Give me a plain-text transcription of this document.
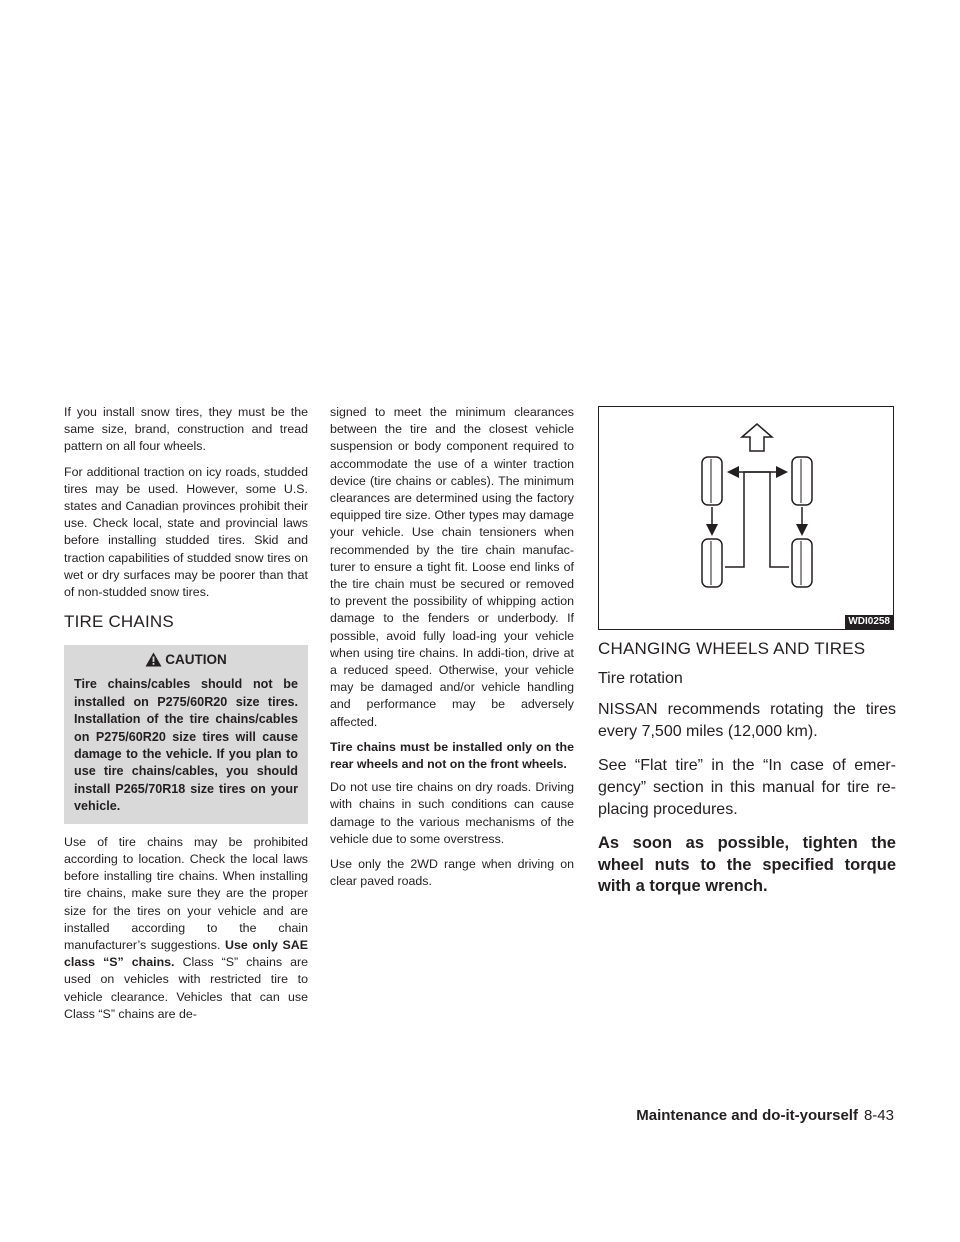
If you install snow tires, they must be the same size, brand, construction and tread pattern on all four wheels.

For additional traction on icy roads, studded tires may be used. However, some U.S. states and Canadian provinces prohibit their use. Check local, state and provincial laws before installing studded tires. Skid and traction capabilities of studded snow tires on wet or dry surfaces may be poorer than that of non-studded snow tires.

TIRE CHAINS
CAUTION
Tire chains/cables should not be installed on P275/60R20 size tires. Installation of the tire chains/cables on P275/60R20 size tires will cause damage to the vehicle. If you plan to use tire chains/cables, you should install P265/70R18 size tires on your vehicle.

Use of tire chains may be prohibited according to location. Check the local laws before installing tire chains. When installing tire chains, make sure they are the proper size for the tires on your vehicle and are installed according to the chain manufacturer’s suggestions. Use only SAE class “S” chains. Class “S” chains are used on vehicles with restricted tire to vehicle clearance. Vehicles that can use Class “S” chains are de-

signed to meet the minimum clearances between the tire and the closest vehicle suspension or body component required to accommodate the use of a winter traction device (tire chains or cables). The minimum clearances are determined using the factory equipped tire size. Other types may damage your vehicle. Use chain tensioners when recommended by the tire chain manufac-turer to ensure a tight fit. Loose end links of the tire chain must be secured or removed to prevent the possibility of whipping action damage to the fenders or underbody. If possible, avoid fully load-ing your vehicle when using tire chains. In addi-tion, drive at a reduced speed. Otherwise, your vehicle may be damaged and/or vehicle handling and performance may be adversely affected.

Tire chains must be installed only on the rear wheels and not on the front wheels.

Do not use tire chains on dry roads. Driving with chains in such conditions can cause damage to the various mechanisms of the vehicle due to some overstress.

Use only the 2WD range when driving on clear paved roads.

WDI0258
CHANGING WHEELS AND TIRES
Tire rotation

NISSAN recommends rotating the tires every 7,500 miles (12,000 km).

See “Flat tire” in the “In case of emer-gency” section in this manual for tire re-placing procedures.

As soon as possible, tighten the wheel nuts to the specified torque with a torque wrench.

Maintenance and do-it-yourself 8-43
